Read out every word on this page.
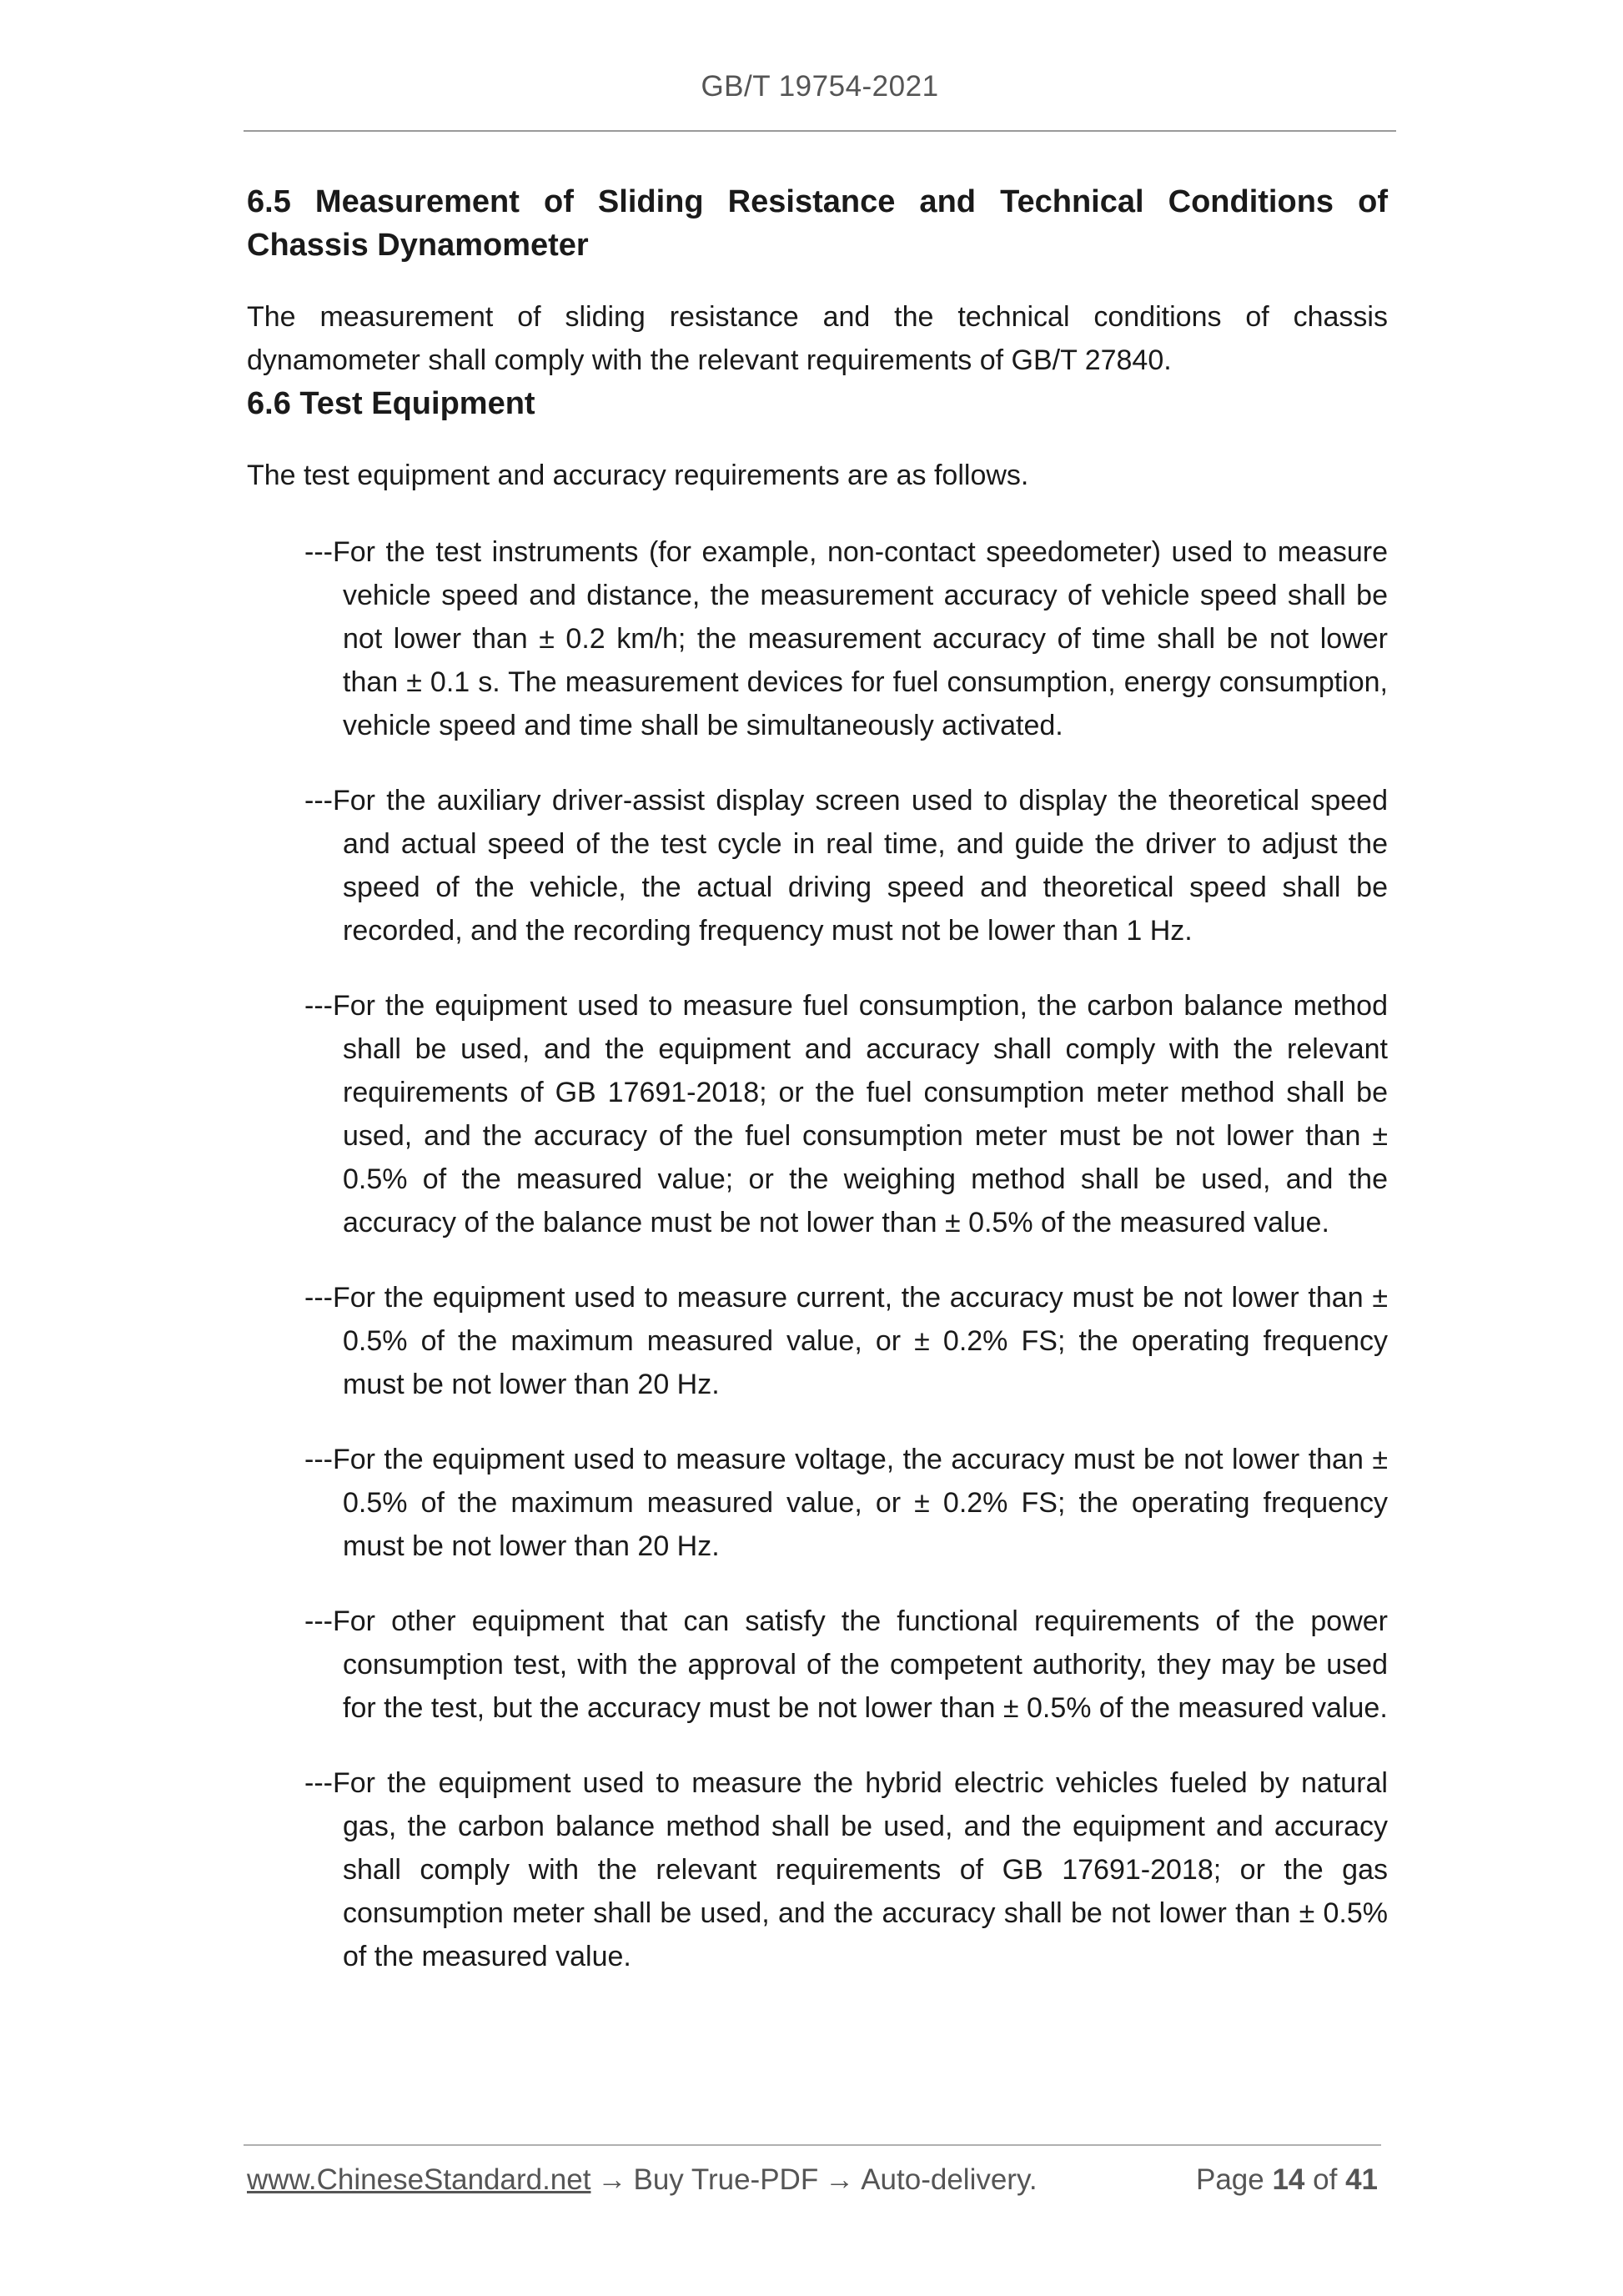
GB/T 19754-2021
6.5 Measurement of Sliding Resistance and Technical Conditions of Chassis Dynamometer

The measurement of sliding resistance and the technical conditions of chassis dynamometer shall comply with the relevant requirements of GB/T 27840.

6.6 Test Equipment

The test equipment and accuracy requirements are as follows.

---For the test instruments (for example, non-contact speedometer) used to measure vehicle speed and distance, the measurement accuracy of vehicle speed shall be not lower than ± 0.2 km/h; the measurement accuracy of time shall be not lower than ± 0.1 s. The measurement devices for fuel consumption, energy consumption, vehicle speed and time shall be simultaneously activated.
---For the auxiliary driver-assist display screen used to display the theoretical speed and actual speed of the test cycle in real time, and guide the driver to adjust the speed of the vehicle, the actual driving speed and theoretical speed shall be recorded, and the recording frequency must not be lower than 1 Hz.
---For the equipment used to measure fuel consumption, the carbon balance method shall be used, and the equipment and accuracy shall comply with the relevant requirements of GB 17691-2018; or the fuel consumption meter method shall be used, and the accuracy of the fuel consumption meter must be not lower than ± 0.5% of the measured value; or the weighing method shall be used, and the accuracy of the balance must be not lower than ± 0.5% of the measured value.
---For the equipment used to measure current, the accuracy must be not lower than ± 0.5% of the maximum measured value, or ± 0.2% FS; the operating frequency must be not lower than 20 Hz.
---For the equipment used to measure voltage, the accuracy must be not lower than ± 0.5% of the maximum measured value, or ± 0.2% FS; the operating frequency must be not lower than 20 Hz.
---For other equipment that can satisfy the functional requirements of the power consumption test, with the approval of the competent authority, they may be used for the test, but the accuracy must be not lower than ± 0.5% of the measured value.
---For the equipment used to measure the hybrid electric vehicles fueled by natural gas, the carbon balance method shall be used, and the equipment and accuracy shall comply with the relevant requirements of GB 17691-2018; or the gas consumption meter shall be used, and the accuracy shall be not lower than ± 0.5% of the measured value.
www.ChineseStandard.net → Buy True-PDF → Auto-delivery.	Page 14 of 41
